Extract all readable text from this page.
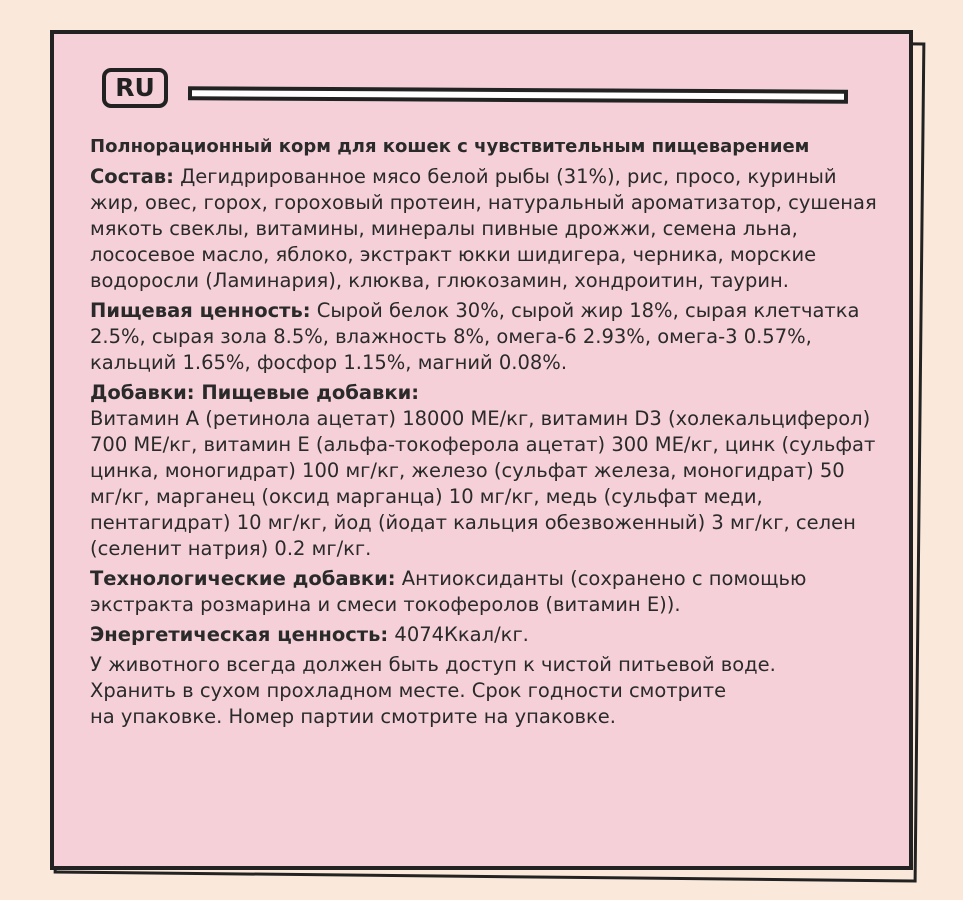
RU

Полнорационный корм для кошек с чувствительным пищеварением

Состав: Дегидрированное мясо белой рыбы (31%), рис, просо, куриный жир, овес, горох, гороховый протеин, натуральный ароматизатор, сушеная мякоть свеклы, витамины, минералы пивные дрожжи, семена льна, лососевое масло, яблоко, экстракт юкки шидигера, черника, морские водоросли (Ламинария), клюква, глюкозамин, хондроитин, таурин.

Пищевая ценность: Сырой белок 30%, сырой жир 18%, сырая клетчатка 2.5%, сырая зола 8.5%, влажность 8%, омега-6 2.93%, омега-3 0.57%, кальций 1.65%, фосфор 1.15%, магний 0.08%.

Добавки: Пищевые добавки:
Витамин А (ретинола ацетат) 18000 МЕ/кг, витамин D3 (холекальциферол) 700 МЕ/кг, витамин Е (альфа-токоферола ацетат) 300 МЕ/кг, цинк (сульфат цинка, моногидрат) 100 мг/кг, железо (сульфат железа, моногидрат) 50 мг/кг, марганец (оксид марганца) 10 мг/кг, медь (сульфат меди, пентагидрат) 10 мг/кг, йод (йодат кальция обезвоженный) 3 мг/кг, селен (селенит натрия) 0.2 мг/кг.

Технологические добавки: Антиоксиданты (сохранено с помощью экстракта розмарина и смеси токоферолов (витамин Е)).

Энергетическая ценность: 4074Ккал/кг.

У животного всегда должен быть доступ к чистой питьевой воде.
Хранить в сухом прохладном месте. Срок годности смотрите
на упаковке. Номер партии смотрите на упаковке.
